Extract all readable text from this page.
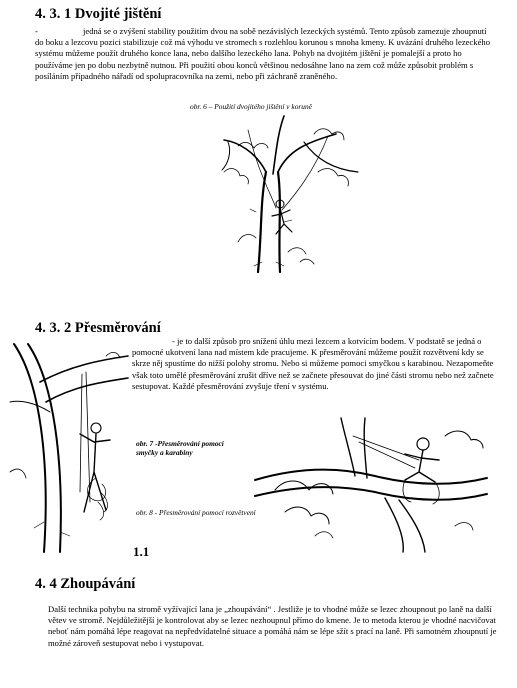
4. 3. 1 Dvojité jištění
-	jedná se o zvýšení stability použitím dvou na sobě nezávislých lezeckých systémů. Tento způsob zamezuje zhoupnutí do boku a lezcovu pozici stabilizuje což má výhodu ve stromech s rozlehlou korunou s mnoha kmeny. K uvázání druhého lezeckého systému můžeme použít druhého konce lana, nebo dalšího lezeckého lana. Pohyb na dvojitém jištění je pomalejší a proto ho používáme jen po dobu nezbytně nutnou. Při použití obou konců většinou nedosáhne lano na zem což může způsobit problém s posíláním případného nářadí od spolupracovníka na zemi, nebo při záchraně zraněného.

obr. 6 – Použití dvojitého jištění v koruně
4. 3. 2 Přesměrování

- je to další způsob pro snížení úhlu mezi lezcem a kotvícím bodem. V podstatě se jedná o pomocné ukotvení lana nad místem kde pracujeme. K přesměrování můžeme použít rozvětvení kdy se skrze něj spustíme do nižší polohy stromu. Nebo si můžeme pomoci smyčkou s karabinou. Nezapomeňte však toto umělé přesměrování zrušit dříve než se začnete přesouvat do jiné části stromu nebo než začnete sestupovat. Každé přesměrování zvyšuje tření v systému.

obr. 7 -Přesměrování pomocí smyčky a karabiny
obr. 8 - Přesměrování pomocí rozvětvení
1.1
4. 4 Zhoupávání

Další technika pohybu na stromě vyžívající lana je „zhoupávání“ . Jestliže je to vhodné může se lezec zhoupnout po laně na další větev ve stromě. Nejdůležitější je kontrolovat aby se lezec nezhoupnul přímo do kmene. Je to metoda kterou je vhodné nacvičovat neboť nám pomáhá lépe reagovat na nepředvídatelné situace a pomáhá nám se lépe sžít s prací na laně. Při samotném zhoupnutí je možné zároveň sestupovat nebo i vystupovat.
